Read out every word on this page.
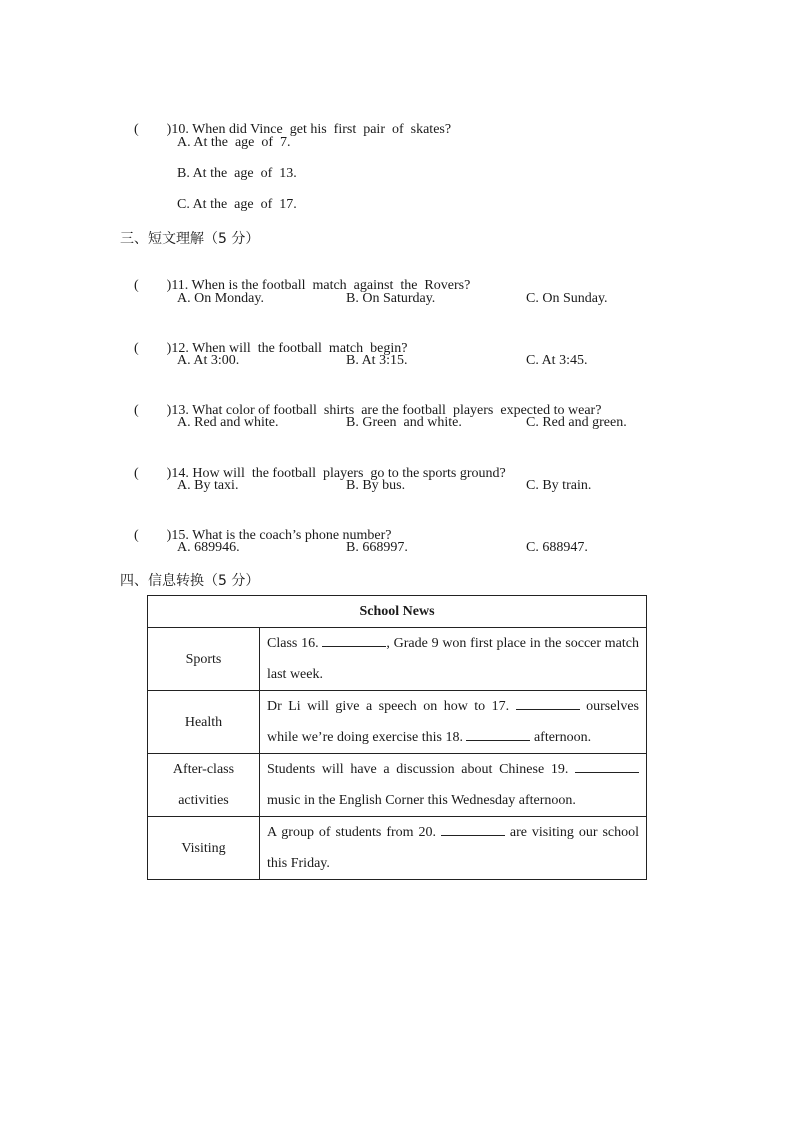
(        )10. When did Vince  get his  first  pair  of  skates?

A. At the  age  of  7.
B. At the  age  of  13.
C. At the  age  of  17.
三、短文理解（5 分）

(        )11. When is the football  match  against  the  Rovers?

A. On Monday.	B. On Saturday.	C. On Sunday.

(        )12. When will  the football  match  begin?

A. At 3:00.	B. At 3:15.	C. At 3:45.

(        )13. What color of football  shirts  are the football  players  expected to wear?

A. Red and white.	B. Green  and white.	C. Red and green.

(        )14. How will  the football  players  go to the sports ground?

A. By taxi.	B. By bus.	C. By train.

(        )15. What is the coach’s phone number?

A. 689946.	B. 668997.	C. 688947.
四、信息转换（5 分）
School News	
Sports	Class 16. , Grade 9 won first place in the soccer match last week.
Health	Dr Li will give a speech on how to 17. ourselves while we’re doing exercise this 18. afternoon.
After-class activities	Students will have a discussion about Chinese 19.  music in the English Corner this Wednesday afternoon.
Visiting	A group of students from 20. are visiting our school this Friday.
